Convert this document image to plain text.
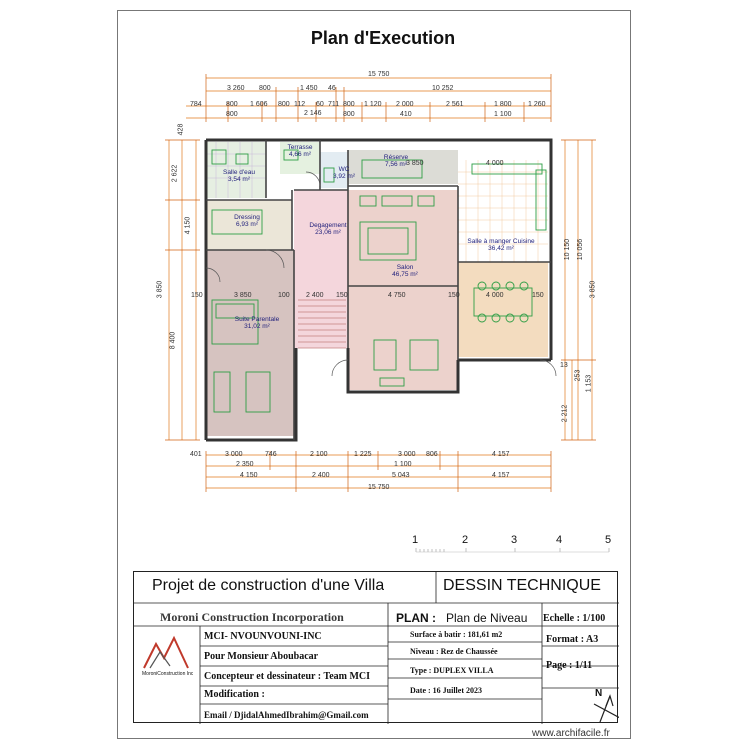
Plan d'Execution
15 750
3 260 800	1 450 46	10 252
784	800 1 606 800
2 146
800 1 120 2 000	2 561	1 800 1 260
800
112 60 711
800	410	1 100
428
2 622
4 150
3 850
8 400
10 150
3 850
10 056
13
253 1 153
2 212
401	3 000	746	2 100	1 225	3 000 806	4 157
2 350	1 100
4 150	2 400	5 043	4 157
15 750
3 850	100 2 400 150	4 750	150	4 000	150
150
4 000
3 850
Terrasse
4,66 m²
Salle d'eau
3,54 m²
Dressing
6,93 m²	Degagement
23,06 m²
WC
3,92 m²
Réserve
7,56 m²
Salon
46,75 m²
Salle à manger Cuisine
36,42 m²
Suite Parentale
31,02 m²
1	2	3	4	5
Projet de construction d'une Villa	DESSIN TECHNIQUE
Moroni Construction Incorporation	PLAN : Plan de Niveau Echelle : 1/100
MCI- NVOUNVOUNI-INC
Pour Monsieur Aboubacar
Concepteur et dessinateur : Team MCI
Modification :
Email / DjidalAhmedIbrahim@Gmail.com
MoroniConstruction Inc
Surface à batir : 181,61 m2
Niveau : Rez de Chaussée
Type : DUPLEX VILLA
Date : 16 Juillet 2023
Format : A3
Page : 1/11
N
www.archifacile.fr
